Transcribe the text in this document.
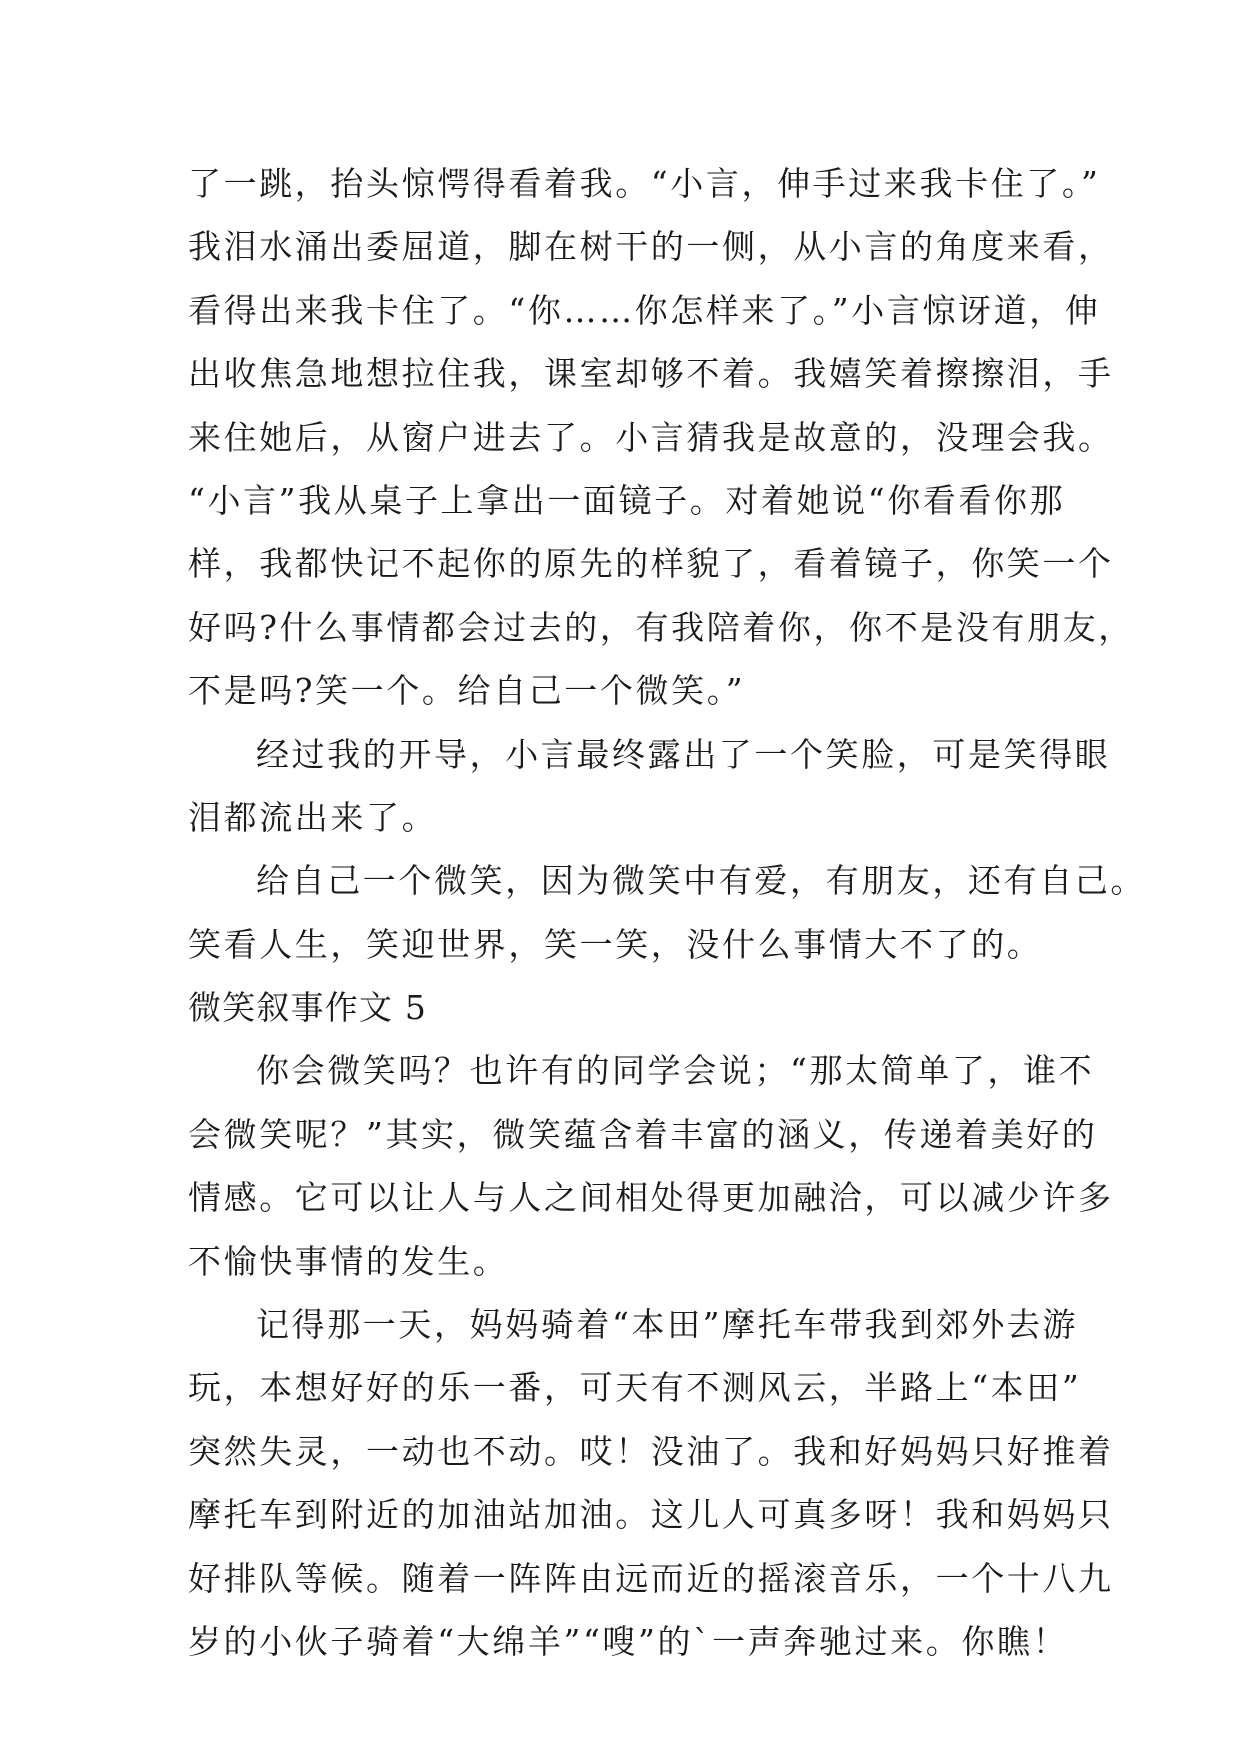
了一跳，抬头惊愕得看着我。“小言，伸手过来我卡住了。”
我泪水涌出委屈道，脚在树干的一侧，从小言的角度来看，
看得出来我卡住了。“你……你怎样来了。”小言惊讶道，伸
出收焦急地想拉住我，课室却够不着。我嬉笑着擦擦泪，手
来住她后，从窗户进去了。小言猜我是故意的，没理会我。
“小言”我从桌子上拿出一面镜子。对着她说“你看看你那
样，我都快记不起你的原先的样貌了，看着镜子，你笑一个
好吗?什么事情都会过去的，有我陪着你，你不是没有朋友，
不是吗?笑一个。给自己一个微笑。”
经过我的开导，小言最终露出了一个笑脸，可是笑得眼
泪都流出来了。
给自己一个微笑，因为微笑中有爱，有朋友，还有自己。
笑看人生，笑迎世界，笑一笑，没什么事情大不了的。
微笑叙事作文 5
你会微笑吗？也许有的同学会说；“那太简单了，谁不
会微笑呢？”其实，微笑蕴含着丰富的涵义，传递着美好的
情感。它可以让人与人之间相处得更加融洽，可以减少许多
不愉快事情的发生。
记得那一天，妈妈骑着“本田”摩托车带我到郊外去游
玩，本想好好的乐一番，可天有不测风云，半路上“本田”
突然失灵，一动也不动。哎！没油了。我和好妈妈只好推着
摩托车到附近的加油站加油。这儿人可真多呀！我和妈妈只
好排队等候。随着一阵阵由远而近的摇滚音乐，一个十八九
岁的小伙子骑着“大绵羊”“嗖”的`一声奔驰过来。你瞧！
